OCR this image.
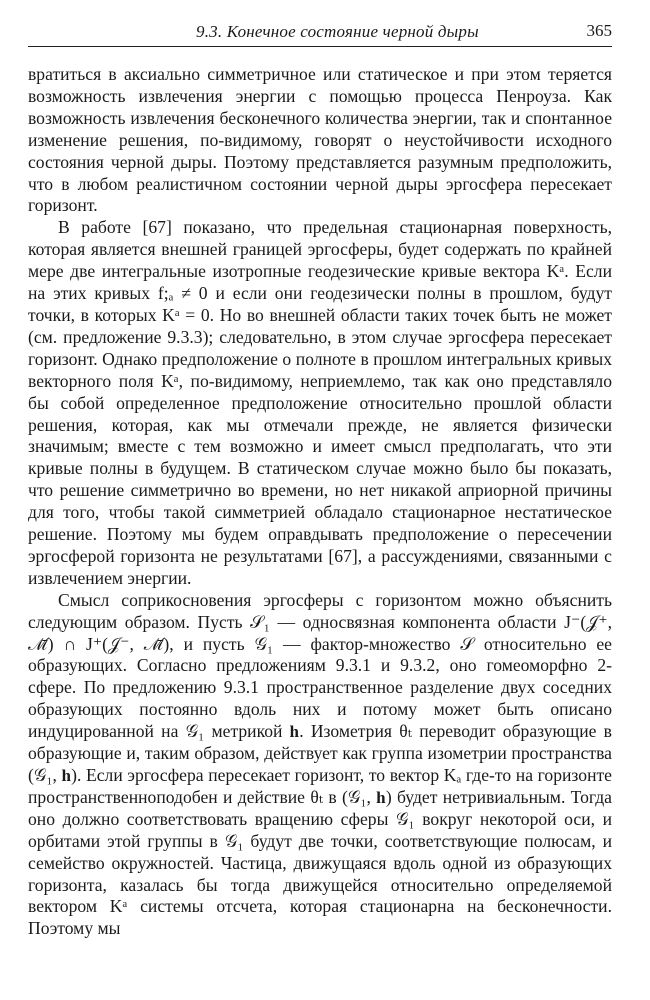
9.3. Конечное состояние черной дыры	365

вратиться в аксиально симметричное или статическое и при этом теряется возможность извлечения энергии с помощью процесса Пенроуза. Как возможность извлечения бесконечного количества энергии, так и спонтанное изменение решения, по-видимому, говорят о неустойчивости исходного состояния черной дыры. Поэтому представляется разумным предположить, что в любом реалистичном состоянии черной дыры эргосфера пересекает горизонт.

В работе [67] показано, что предельная стационарная поверхность, которая является внешней границей эргосферы, будет содержать по крайней мере две интегральные изотропные геодезические кривые вектора Kᵃ. Если на этих кривых f;ₐ ≠ 0 и если они геодезически полны в прошлом, будут точки, в которых Kᵃ = 0. Но во внешней области таких точек быть не может (см. предложение 9.3.3); следовательно, в этом случае эргосфера пересекает горизонт. Однако предположение о полноте в прошлом интегральных кривых векторного поля Kᵃ, по-видимому, неприемлемо, так как оно представляло бы собой определенное предположение относительно прошлой области решения, которая, как мы отмечали прежде, не является физически значимым; вместе с тем возможно и имеет смысл предполагать, что эти кривые полны в будущем. В статическом случае можно было бы показать, что решение симметрично во времени, но нет никакой априорной причины для того, чтобы такой симметрией обладало стационарное нестатическое решение. Поэтому мы будем оправдывать предположение о пересечении эргосферой горизонта не результатами [67], а рассуждениями, связанными с извлечением энергии.

Смысл соприкосновения эргосферы с горизонтом можно объяснить следующим образом. Пусть 𝒮₁ — односвязная компонента области J⁻(𝒥⁺, ℳ̄) ∩ J⁺(𝒥⁻, ℳ̄), и пусть 𝒢₁ — фактор-множество 𝒮 относительно ее образующих. Согласно предложениям 9.3.1 и 9.3.2, оно гомеоморфно 2-сфере. По предложению 9.3.1 пространственное разделение двух соседних образующих постоянно вдоль них и потому может быть описано индуцированной на 𝒢₁ метрикой 𝐡. Изометрия θₜ переводит образующие в образующие и, таким образом, действует как группа изометрии пространства (𝒢₁, 𝐡). Если эргосфера пересекает горизонт, то вектор Kₐ где-то на горизонте пространственноподобен и действие θₜ в (𝒢₁, 𝐡) будет нетривиальным. Тогда оно должно соответствовать вращению сферы 𝒢₁ вокруг некоторой оси, и орбитами этой группы в 𝒢₁ будут две точки, соответствующие полюсам, и семейство окружностей. Частица, движущаяся вдоль одной из образующих горизонта, казалась бы тогда движущейся относительно определяемой вектором Kᵃ системы отсчета, которая стационарна на бесконечности. Поэтому мы
